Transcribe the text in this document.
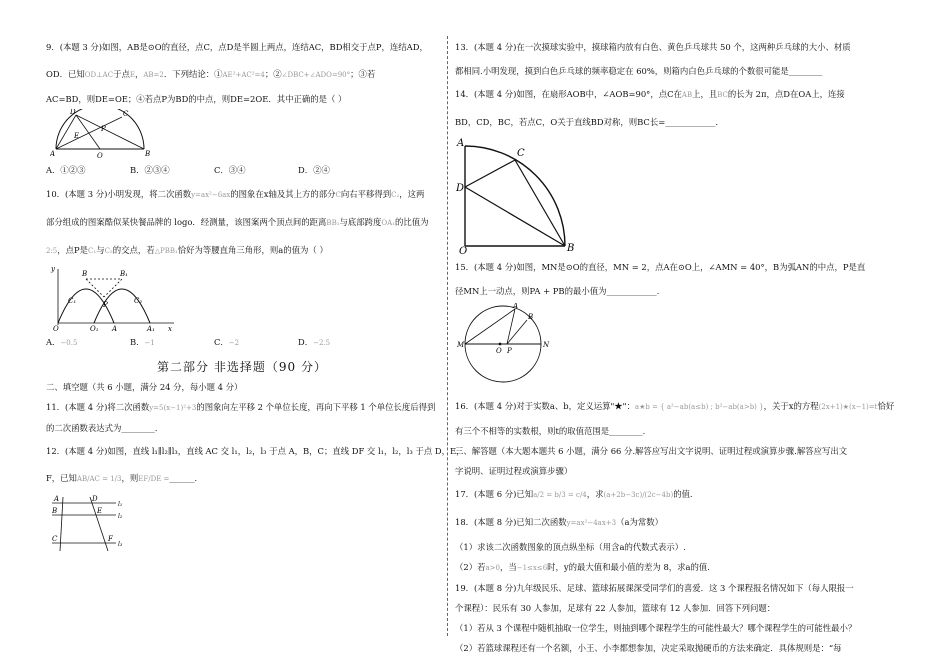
9．(本题 3 分)如图，AB是⊙O的直径，点C，点D是半圆上两点，连结AC，BD相交于点P，连结AD，

OD．已知OD⊥AC于点E，AB=2．下列结论：①AE²+AC²=4；②∠DBC+∠ADO=90°；③若

AC=BD，则DE=OE；④若点P为BD的中点，则DE=2OE．其中正确的是（ ）

D	C
P
E
A	O	B
A．①②③	B．②③④	C．③④	D．②④

10．(本题 3 分)小明发现，将二次函数y=ax²−6ax的图象在x轴及其上方的部分C向右平移得到C₂，这两

部分组成的图案酷似某快餐品牌的 logo．经测量，该图案两个顶点间的距离BB₁与底部跨度OA₁的比值为

2:5，点P是C₁与C₂的交点，若△PBB₁恰好为等腰直角三角形，则a的值为（ ）

y
B	B₁
C₁	P	C₂
O	O₁ A	A₁ x
A．−0.5	B．−1	C．−2	D．−2.5
第二部分 非选择题（90 分）

二、填空题（共 6 小题，满分 24 分，每小题 4 分）

11．(本题 4 分)将二次函数y=5(x−1)²+3的图象向左平移 2 个单位长度，再向下平移 1 个单位长度后得到

的二次函数表达式为________．

12．(本题 4 分)如图，直线 l₁∥l₂∥l₃，直线 AC 交 l₁，l₂，l₃ 于点 A，B，C；直线 DF 交 l₁，l₂，l₃ 于点 D，E，

F，已知AB/AC = 1/3，则EF/DE =______．

A	D
l₁
B	E
l₂
C	F
l₃

13．(本题 4 分)在一次摸球实验中，摸球箱内放有白色、黄色乒乓球共 50 个，这两种乒乓球的大小、材质

都相同.小明发现，摸到白色乒乓球的频率稳定在 60%，则箱内白色乒乓球的个数很可能是________

14．(本题 4 分)如图，在扇形AOB中，∠AOB=90°，点C在AB上，且BC的长为 2π，点D在OA上，连接

BD，CD，BC，若点C，O关于直线BD对称，则BC长=____________．

A
C
D
O	B

15．(本题 4 分)如图，MN是⊙O的直径，MN = 2，点A在⊙O上，∠AMN = 40°，B为弧AN的中点，P是直

径MN上一动点，则PA + PB的最小值为____________．

A
B
M	N
O P

16．(本题 4 分)对于实数a、b，定义运算"★"：a★b = { a²−ab(a≤b) ; b²−ab(a>b) }，关于x的方程(2x+1)★(x−1)=t恰好

有三个不相等的实数根，则t的取值范围是________．

三、解答题（本大题本题共 6 小题，满分 66 分.解答应写出文字说明、证明过程或演算步骤.解答应写出文

字说明、证明过程或演算步骤）

17．(本题 6 分)已知a/2 = b/3 = c/4，求(a+2b−3c)/(2c−4b)的值.

18．(本题 8 分)已知二次函数y=ax²−4ax+3（a为常数）

（1）求该二次函数图象的顶点纵坐标（用含a的代数式表示）.

（2）若a>0，当−1≤x≤6时，y的最大值和最小值的差为 8，求a的值.

19．(本题 8 分)九年级民乐、足球、篮球拓展课深受同学们的喜爱．这 3 个课程报名情况如下（每人限报一

个课程）：民乐有 30 人参加，足球有 22 人参加，篮球有 12 人参加．回答下列问题：

（1）若从 3 个课程中随机抽取一位学生，则抽到哪个课程学生的可能性最大？哪个课程学生的可能性最小？

（2）若篮球课程还有一个名额，小王、小李都想参加，决定采取抛硬币的方法来确定．具体规则是：“每
